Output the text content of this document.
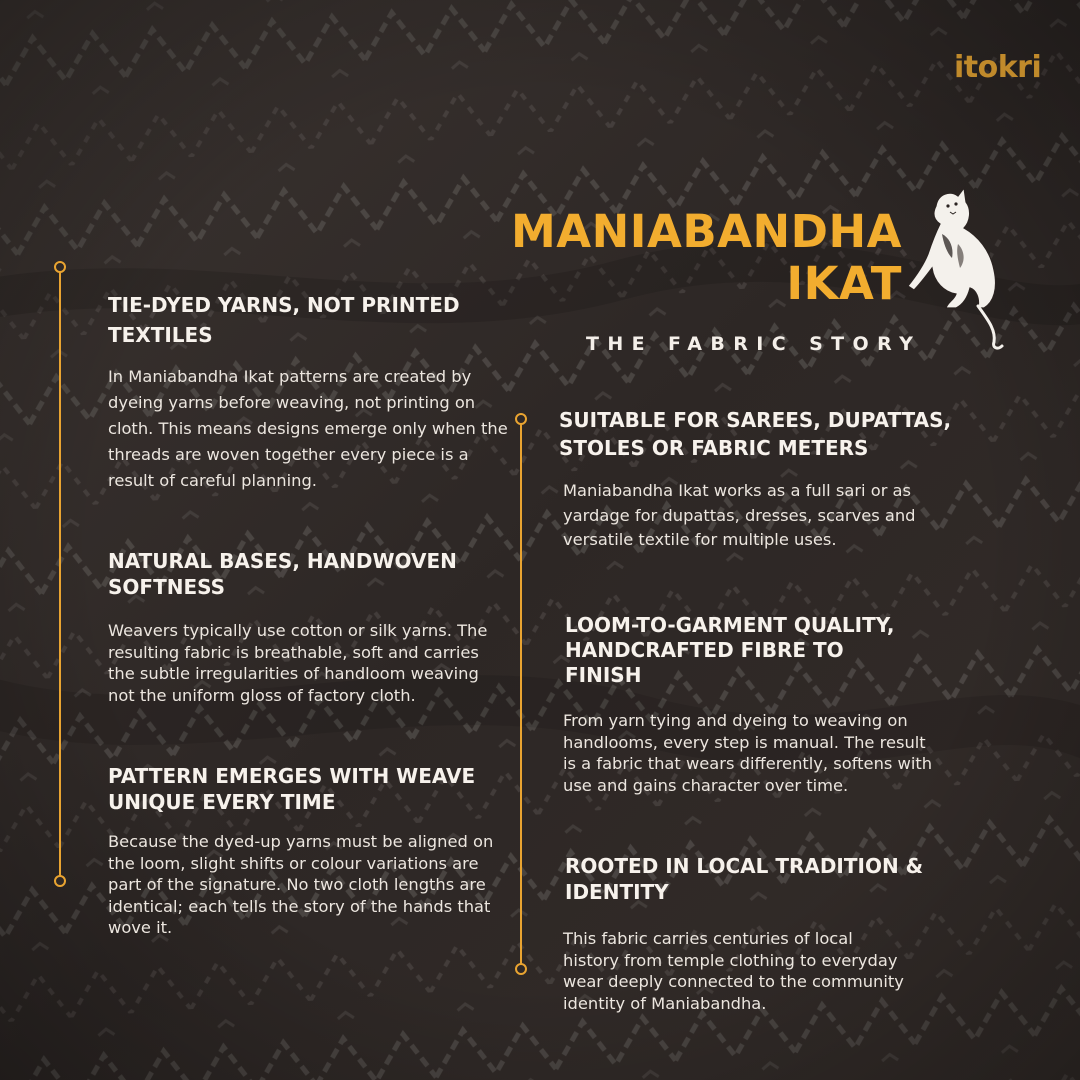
itokri
MANIABANDHA
IKAT
THE FABRIC STORY
TIE-DYED YARNS, NOT PRINTED TEXTILES

In Maniabandha Ikat patterns are created by dyeing yarns before weaving, not printing on cloth. This means designs emerge only when the threads are woven together every piece is a result of careful planning.

NATURAL BASES, HANDWOVEN SOFTNESS

Weavers typically use cotton or silk yarns. The resulting fabric is breathable, soft and carries the subtle irregularities of handloom weaving not the uniform gloss of factory cloth.

PATTERN EMERGES WITH WEAVE UNIQUE EVERY TIME

Because the dyed-up yarns must be aligned on the loom, slight shifts or colour variations are part of the signature. No two cloth lengths are identical; each tells the story of the hands that wove it.

SUITABLE FOR SAREES, DUPATTAS, STOLES OR FABRIC METERS

Maniabandha Ikat works as a full sari or as yardage for dupattas, dresses, scarves and versatile textile for multiple uses.

LOOM-TO-GARMENT QUALITY, HANDCRAFTED FIBRE TO FINISH

From yarn tying and dyeing to weaving on handlooms, every step is manual. The result is a fabric that wears differently, softens with use and gains character over time.

ROOTED IN LOCAL TRADITION & IDENTITY

This fabric carries centuries of local history from temple clothing to everyday wear deeply connected to the community identity of Maniabandha.
